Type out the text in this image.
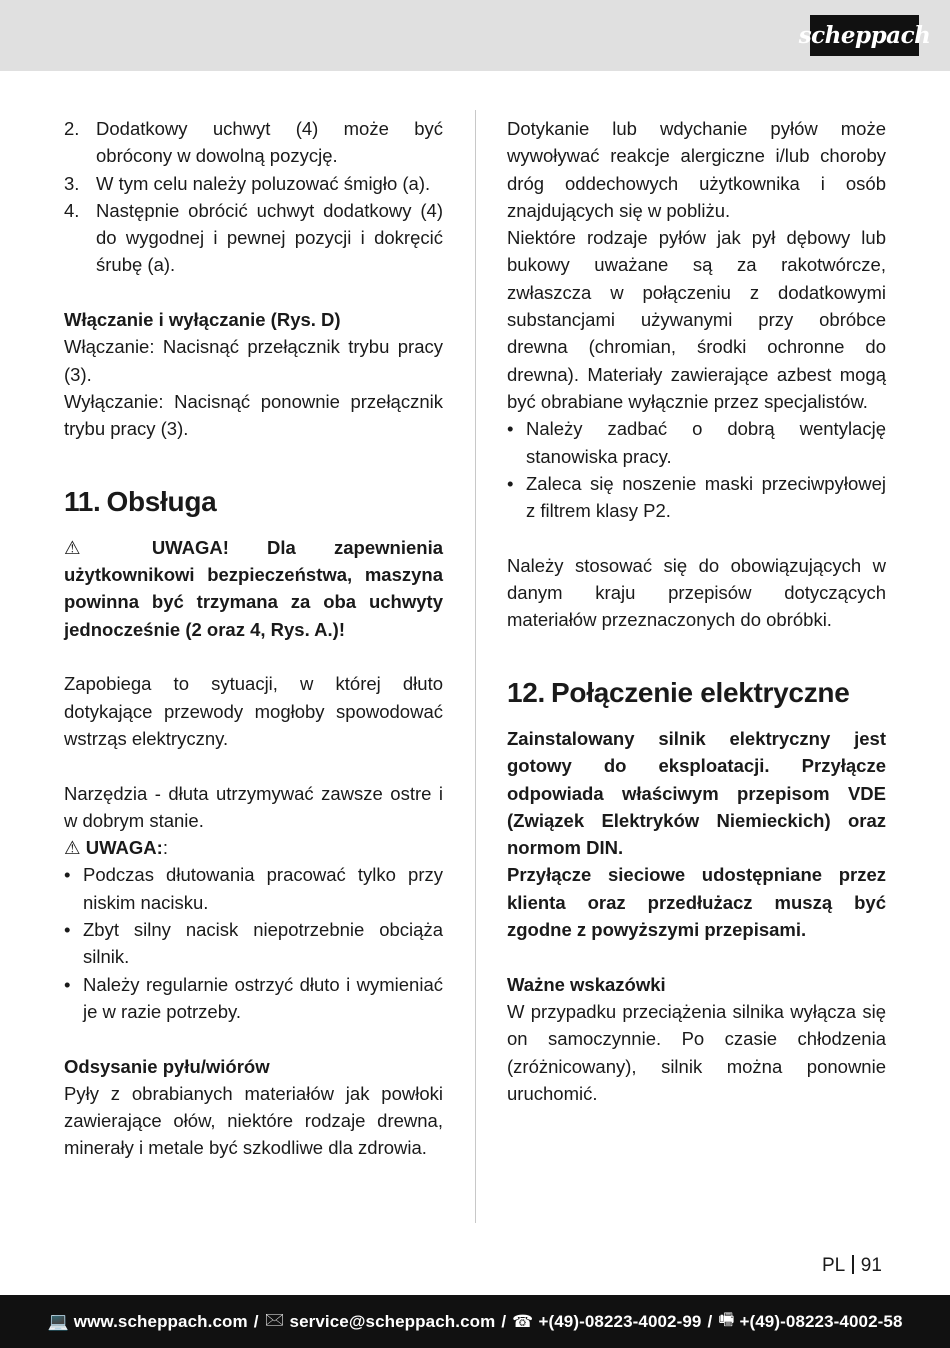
scheppach
2. Dodatkowy uchwyt (4) może być obrócony w dowolną pozycję.
3. W tym celu należy poluzować śmigło (a).
4. Następnie obrócić uchwyt dodatkowy (4) do wygodnej i pewnej pozycji i dokręcić śrubę (a).

Włączanie i wyłączanie (Rys. D)

Włączanie: Nacisnąć przełącznik trybu pracy (3).

Wyłączanie: Nacisnąć ponownie przełącznik trybu pracy (3).

11. Obsługa

⚠ UWAGA! Dla zapewnienia użytkownikowi bezpieczeństwa, maszyna powinna być trzymana za oba uchwyty jednocześnie (2 oraz 4, Rys. A.)!

Zapobiega to sytuacji, w której dłuto dotykające przewody mogłoby spowodować wstrząs elektryczny.

Narzędzia - dłuta utrzymywać zawsze ostre i w dobrym stanie.

⚠ UWAGA::

• Podczas dłutowania pracować tylko przy niskim nacisku.
• Zbyt silny nacisk niepotrzebnie obciąża silnik.
• Należy regularnie ostrzyć dłuto i wymieniać je w razie potrzeby.

Odsysanie pyłu/wiórów

Pyły z obrabianych materiałów jak powłoki zawierające ołów, niektóre rodzaje drewna, minerały i metale być szkodliwe dla zdrowia.

Dotykanie lub wdychanie pyłów może wywoływać reakcje alergiczne i/lub choroby dróg oddechowych użytkownika i osób znajdujących się w pobliżu.

Niektóre rodzaje pyłów jak pył dębowy lub bukowy uważane są za rakotwórcze, zwłaszcza w połączeniu z dodatkowymi substancjami używanymi przy obróbce drewna (chromian, środki ochronne do drewna). Materiały zawierające azbest mogą być obrabiane wyłącznie przez specjalistów.

• Należy zadbać o dobrą wentylację stanowiska pracy.
• Zaleca się noszenie maski przeciwpyłowej z filtrem klasy P2.

Należy stosować się do obowiązujących w danym kraju przepisów dotyczących materiałów przeznaczonych do obróbki.

12. Połączenie elektryczne

Zainstalowany silnik elektryczny jest gotowy do eksploatacji. Przyłącze odpowiada właściwym przepisom VDE (Związek Elektryków Niemieckich) oraz normom DIN.

Przyłącze sieciowe udostępniane przez klienta oraz przedłużacz muszą być zgodne z powyższymi przepisami.

Ważne wskazówki

W przypadku przeciążenia silnika wyłącza się on samoczynnie. Po czasie chłodzenia (zróżnicowany), silnik można ponownie uruchomić.

PL 91
💻 www.scheppach.com / 🖂 service@scheppach.com / ☎ +(49)-08223-4002-99 / 🖷 +(49)-08223-4002-58
